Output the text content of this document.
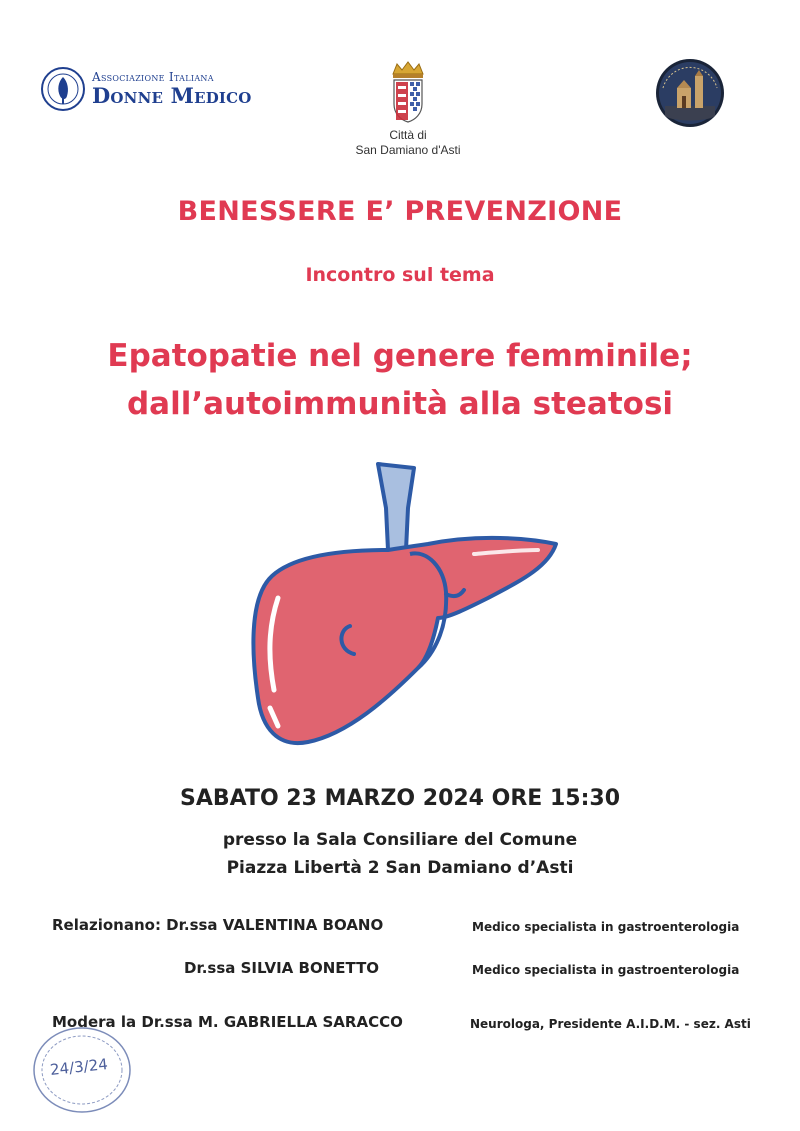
Associazione Italiana
Donne Medico
Città di
San Damiano d'Asti
BENESSERE E’ PREVENZIONE
Incontro sul tema
Epatopatie nel genere femminile;
dall’autoimmunità alla steatosi
SABATO 23 MARZO 2024 ORE 15:30
presso la Sala Consiliare del Comune
Piazza Libertà 2 San Damiano d’Asti
Relazionano: Dr.ssa VALENTINA BOANO	Medico specialista in gastroenterologia
Dr.ssa SILVIA BONETTO	Medico specialista in gastroenterologia
Modera la Dr.ssa M. GABRIELLA SARACCO	Neurologa, Presidente A.I.D.M. - sez. Asti
24/3/24
